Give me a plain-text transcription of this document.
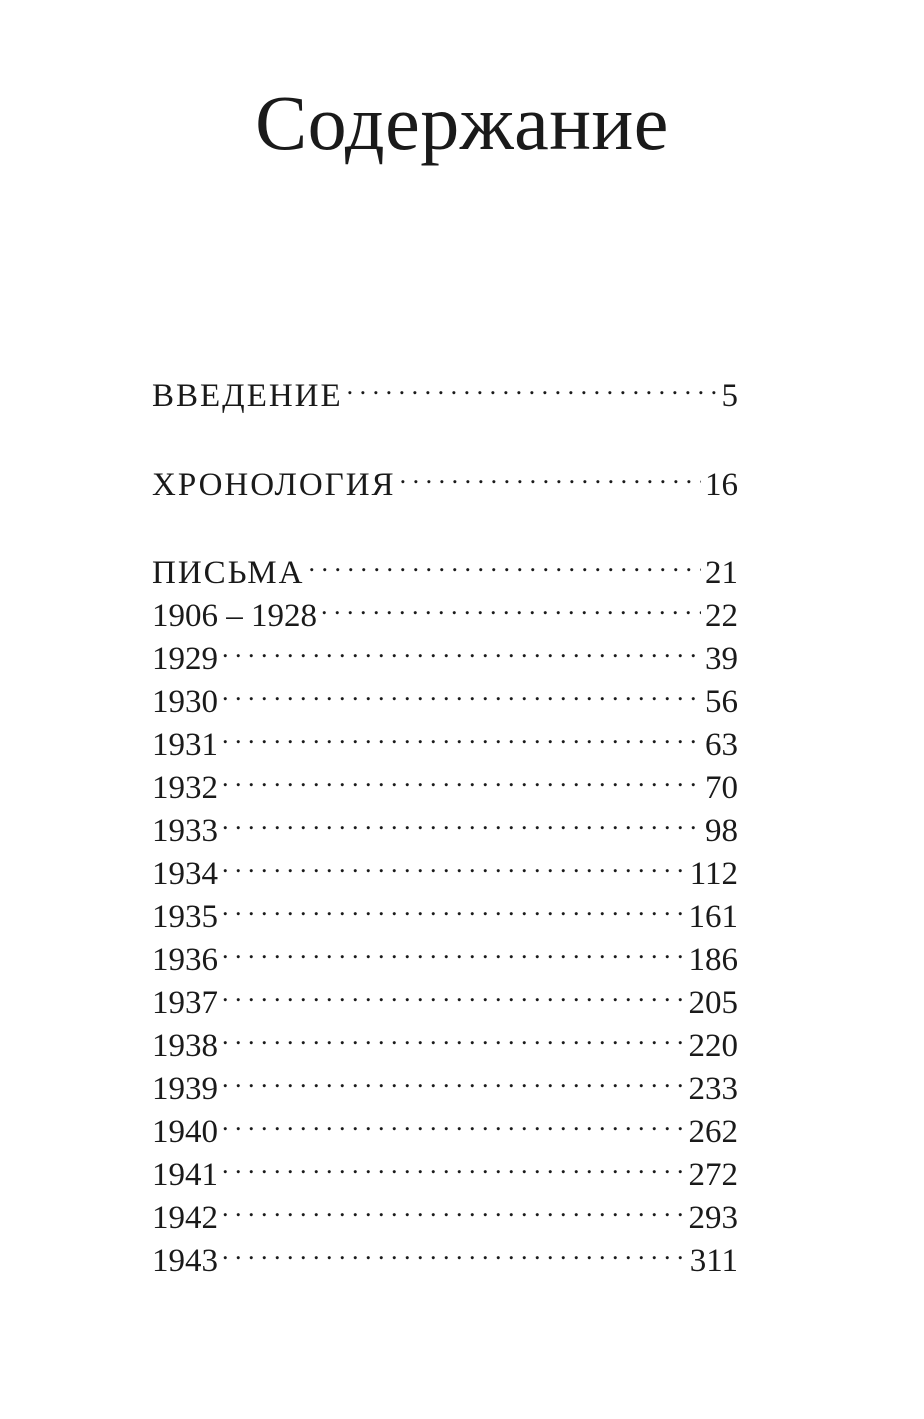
Содержание
ВВЕДЕНИЕ . . .	5
ХРОНОЛОГИЯ . . .	16
ПИСЬМА . . .	21
1906 – 1928 . . .	22
1929 . . .	39
1930 . . .	56
1931 . . .	63
1932 . . .	70
1933 . . .	98
1934 . . .	112
1935 . . .	161
1936 . . .	186
1937 . . .	205
1938 . . .	220
1939 . . .	233
1940 . . .	262
1941 . . .	272
1942 . . .	293
1943 . . .	311
